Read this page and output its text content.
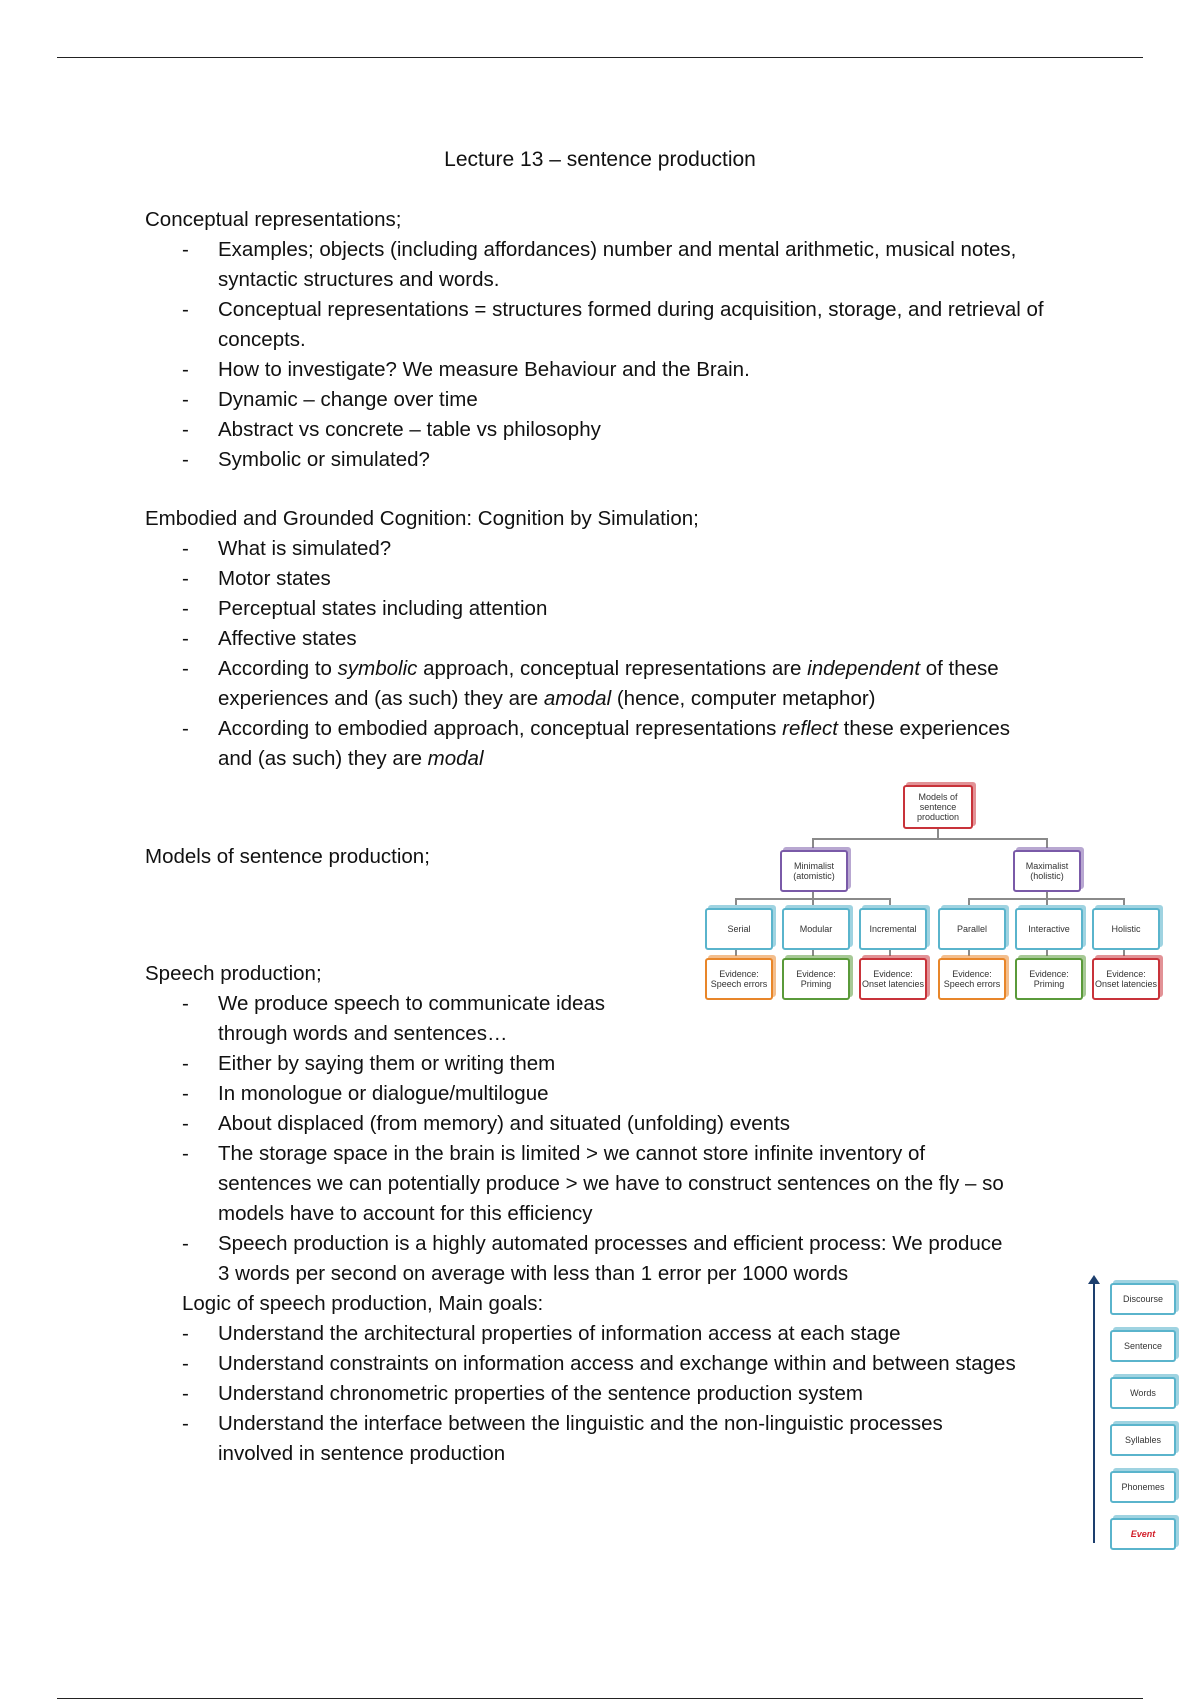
Lecture 13 – sentence production

Conceptual representations;

- Examples; objects (including affordances) number and mental arithmetic, musical notes, syntactic structures and words.
- Conceptual representations = structures formed during acquisition, storage, and retrieval of concepts.
- How to investigate? We measure Behaviour and the Brain.
- Dynamic – change over time
- Abstract vs concrete – table vs philosophy
- Symbolic or simulated?

Embodied and Grounded Cognition: Cognition by Simulation;

- What is simulated?
- Motor states
- Perceptual states including attention
- Affective states
- According to symbolic approach, conceptual representations are independent of these experiences and (as such) they are amodal (hence, computer metaphor)
- According to embodied approach, conceptual representations reflect these experiences and (as such) they are modal

Models of sentence production;

Speech production;

- We produce speech to communicate ideas through words and sentences…
- Either by saying them or writing them
- In monologue or dialogue/multilogue
- About displaced (from memory) and situated (unfolding) events
- The storage space in the brain is limited > we cannot store infinite inventory of sentences we can potentially produce > we have to construct sentences on the fly – so models have to account for this efficiency
- Speech production is a highly automated processes and efficient process: We produce 3 words per second on average with less than 1 error per 1000 words

Logic of speech production, Main goals:

- Understand the architectural properties of information access at each stage
- Understand constraints on information access and exchange within and between stages
- Understand chronometric properties of the sentence production system
- Understand the interface between the linguistic and the non-linguistic processes involved in sentence production
Models of sentence production
Minimalist (atomistic)
Maximalist (holistic)
Serial	Modular	Incremental	Parallel	Interactive	Holistic
Evidence: Speech errors
Evidence: Priming
Evidence: Onset latencies
Evidence: Speech errors
Evidence: Priming
Evidence: Onset latencies
Discourse
Sentence
Words
Syllables
Phonemes
Event
